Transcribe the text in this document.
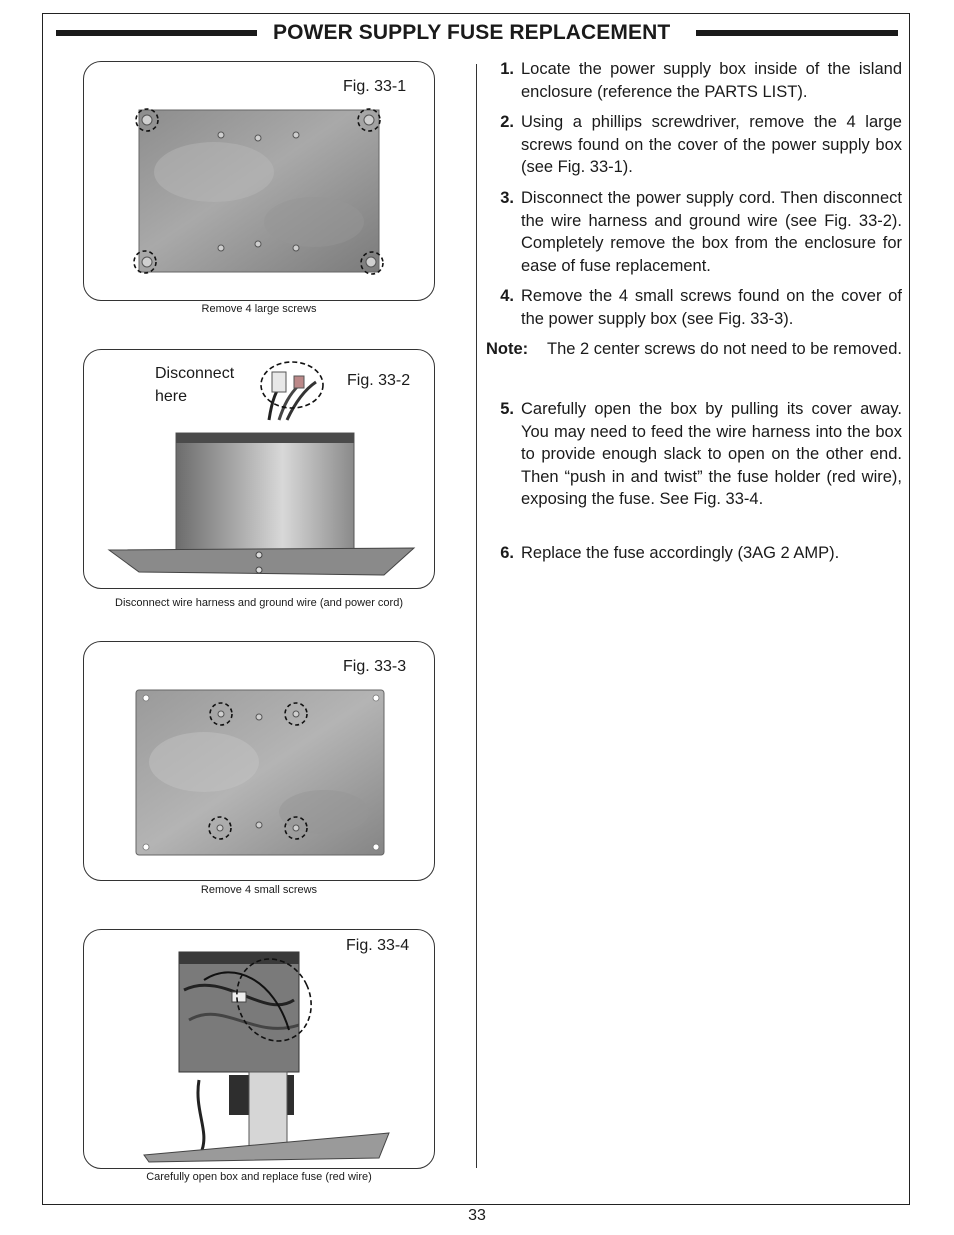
POWER SUPPLY FUSE REPLACEMENT
Fig. 33-1
Remove 4 large screws
Disconnect
here
Fig. 33-2
Disconnect wire harness and ground wire (and power cord)
Fig. 33-3
Remove 4 small screws
Fig. 33-4
Carefully open box and replace fuse (red wire)
1. Locate the power supply box inside of the island enclosure (reference the PARTS LIST).
2. Using a phillips screwdriver, remove the 4 large screws found on the cover of the power supply box (see Fig. 33-1).
3. Disconnect the power supply cord. Then disconnect the wire harness and ground wire (see Fig. 33-2). Completely remove the box from the enclosure for ease of fuse replacement.
4. Remove the 4 small screws found on the cover of the power supply box (see Fig. 33-3).
Note: The 2 center screws do not need to be removed.
5. Carefully open the box by pulling its cover away. You may need to feed the wire harness into the box to provide enough slack to open on the other end. Then “push in and twist” the fuse holder (red wire), exposing the fuse. See Fig. 33-4.
6. Replace the fuse accordingly (3AG 2 AMP).
33
